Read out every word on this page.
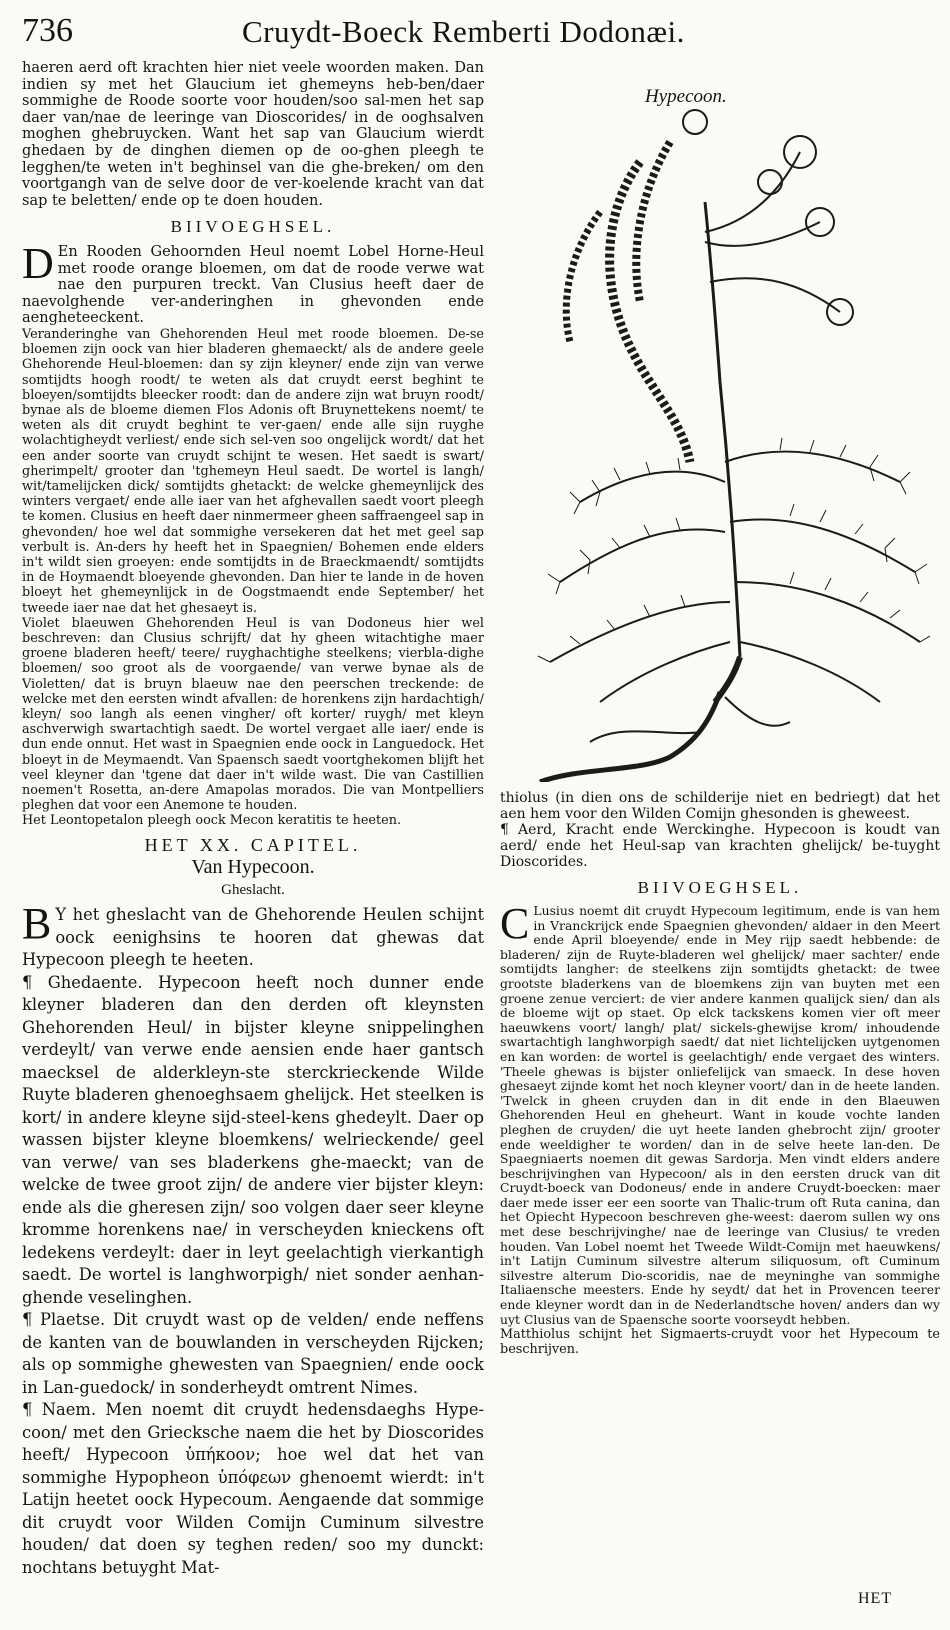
736	Cruydt-Boeck Remberti Dodonæi.

haeren aerd oft krachten hier niet veele woorden maken. Dan indien sy met het Glaucium iet ghemeyns heb-ben/daer sommighe de Roode soorte voor houden/soo sal-men het sap daer van/nae de leeringe van Dioscorides/ in de ooghsalven moghen ghebruycken. Want het sap van Glaucium wierdt ghedaen by de dinghen diemen op de oo-ghen pleegh te legghen/te weten in't beghinsel van die ghe-breken/ om den voortgangh van de selve door de ver-koelende kracht van dat sap te beletten/ ende op te doen houden.

BIIVOEGHSEL.

D En Rooden Gehoornden Heul noemt Lobel Horne-Heul met roode orange bloemen, om dat de roode verwe wat nae den purpuren treckt. Van Clusius heeft daer de naevolghende ver-anderinghen in ghevonden ende aengheteeckent.

Veranderinghe van Ghehorenden Heul met roode bloemen. De-se bloemen zijn oock van hier bladeren ghemaeckt/ als de andere geele Ghehorende Heul-bloemen: dan sy zijn kleyner/ ende zijn van verwe somtijdts hoogh roodt/ te weten als dat cruydt eerst beghint te bloeyen/somtijdts bleecker roodt: dan de andere zijn wat bruyn roodt/ bynae als de bloeme diemen Flos Adonis oft Bruynettekens noemt/ te weten als dit cruydt beghint te ver-gaen/ ende alle sijn ruyghe wolachtigheydt verliest/ ende sich sel-ven soo ongelijck wordt/ dat het een ander soorte van cruydt schijnt te wesen. Het saedt is swart/ gherimpelt/ grooter dan 'tghemeyn Heul saedt. De wortel is langh/ wit/tamelijcken dick/ somtijdts ghetackt: de welcke ghemeynlijck des winters vergaet/ ende alle iaer van het afghevallen saedt voort pleegh te komen. Clusius en heeft daer ninmermeer gheen saffraengeel sap in ghevonden/ hoe wel dat sommighe versekeren dat het met geel sap verbult is. An-ders hy heeft het in Spaegnien/ Bohemen ende elders in't wildt sien groeyen: ende somtijdts in de Braeckmaendt/ somtijdts in de Hoymaendt bloeyende ghevonden. Dan hier te lande in de hoven bloeyt het ghemeynlijck in de Oogstmaendt ende September/ het tweede iaer nae dat het ghesaeyt is.

Violet blaeuwen Ghehorenden Heul is van Dodoneus hier wel beschreven: dan Clusius schrijft/ dat hy gheen witachtighe maer groene bladeren heeft/ teere/ ruyghachtighe steelkens; vierbla-dighe bloemen/ soo groot als de voorgaende/ van verwe bynae als de Violetten/ dat is bruyn blaeuw nae den peerschen treckende: de welcke met den eersten windt afvallen: de horenkens zijn hardachtigh/ kleyn/ soo langh als eenen vingher/ oft korter/ ruygh/ met kleyn aschverwigh swartachtigh saedt. De wortel vergaet alle iaer/ ende is dun ende onnut. Het wast in Spaegnien ende oock in Languedock. Het bloeyt in de Meymaendt. Van Spaensch saedt voortghekomen blijft het veel kleyner dan 'tgene dat daer in't wilde wast. Die van Castillien noemen't Rosetta, an-dere Amapolas morados. Die van Montpelliers pleghen dat voor een Anemone te houden.

Het Leontopetalon pleegh oock Mecon keratitis te heeten.

HET XX. CAPITEL.
Van Hypecoon.
Gheslacht.

B Y het gheslacht van de Ghehorende Heulen schijnt oock eenighsins te hooren dat ghewas dat Hypecoon pleegh te heeten.

¶ Ghedaente. Hypecoon heeft noch dunner ende kleyner bladeren dan den derden oft kleynsten Ghehorenden Heul/ in bijster kleyne snippelinghen verdeylt/ van verwe ende aensien ende haer gantsch maecksel de alderkleyn-ste sterckrieckende Wilde Ruyte bladeren ghenoeghsaem ghelijck. Het steelken is kort/ in andere kleyne sijd-steel-kens ghedeylt. Daer op wassen bijster kleyne bloemkens/ welrieckende/ geel van verwe/ van ses bladerkens ghe-maeckt; van de welcke de twee groot zijn/ de andere vier bijster kleyn: ende als die gheresen zijn/ soo volgen daer seer kleyne kromme horenkens nae/ in verscheyden knieckens oft ledekens verdeylt: daer in leyt geelachtigh vierkantigh saedt. De wortel is langhworpigh/ niet sonder aenhan-ghende veselinghen.

¶ Plaetse. Dit cruydt wast op de velden/ ende neffens de kanten van de bouwlanden in verscheyden Rijcken; als op sommighe ghewesten van Spaegnien/ ende oock in Lan-guedock/ in sonderheydt omtrent Nimes.

¶ Naem. Men noemt dit cruydt hedensdaeghs Hype-coon/ met den Griecksche naem die het by Dioscorides heeft/ Hypecoon ὑπήκοον; hoe wel dat het van sommighe Hypopheon ὑπόφεων ghenoemt wierdt: in't Latijn heetet oock Hypecoum. Aengaende dat sommige dit cruydt voor Wilden Comijn Cuminum silvestre houden/ dat doen sy teghen reden/ soo my dunckt: nochtans betuyght Mat-

Hypecoon.

thiolus (in dien ons de schilderije niet en bedriegt) dat het aen hem voor den Wilden Comijn ghesonden is gheweest.

¶ Aerd, Kracht ende Werckinghe. Hypecoon is koudt van aerd/ ende het Heul-sap van krachten ghelijck/ be-tuyght Dioscorides.

BIIVOEGHSEL.

C Lusius noemt dit cruydt Hypecoum legitimum, ende is van hem in Vranckrijck ende Spaegnien ghevonden/ aldaer in den Meert ende April bloeyende/ ende in Mey rijp saedt hebbende: de bladeren/ zijn de Ruyte-bladeren wel ghelijck/ maer sachter/ ende somtijdts langher: de steelkens zijn somtijdts ghetackt: de twee grootste bladerkens van de bloemkens zijn van buyten met een groene zenue verciert: de vier andere kanmen qualijck sien/ dan als de bloeme wijt op staet. Op elck tackskens komen vier oft meer haeuwkens voort/ langh/ plat/ sickels-ghewijse krom/ inhoudende swartachtigh langhworpigh saedt/ dat niet lichtelijcken uytgenomen en kan worden: de wortel is geelachtigh/ ende vergaet des winters. 'Theele ghewas is bijster onliefelijck van smaeck. In dese hoven ghesaeyt zijnde komt het noch kleyner voort/ dan in de heete landen. 'Twelck in gheen cruyden dan in dit ende in den Blaeuwen Ghehorenden Heul en gheheurt. Want in koude vochte landen pleghen de cruyden/ die uyt heete landen ghebrocht zijn/ grooter ende weeldigher te worden/ dan in de selve heete lan-den. De Spaegniaerts noemen dit gewas Sardorja. Men vindt elders andere beschrijvinghen van Hypecoon/ als in den eersten druck van dit Cruydt-boeck van Dodoneus/ ende in andere Cruydt-boecken: maer daer mede isser eer een soorte van Thalic-trum oft Ruta canina, dan het Opiecht Hypecoon beschreven ghe-weest: daerom sullen wy ons met dese beschrijvinghe/ nae de leeringe van Clusius/ te vreden houden. Van Lobel noemt het Tweede Wildt-Comijn met haeuwkens/ in't Latijn Cuminum silvestre alterum siliquosum, oft Cuminum silvestre alterum Dio-scoridis, nae de meyninghe van sommighe Italiaensche meesters. Ende hy seydt/ dat het in Provencen teerer ende kleyner wordt dan in de Nederlandtsche hoven/ anders dan wy uyt Clusius van de Spaensche soorte voorseydt hebben.

Matthiolus schijnt het Sigmaerts-cruydt voor het Hypecoum te beschrijven.

HET
